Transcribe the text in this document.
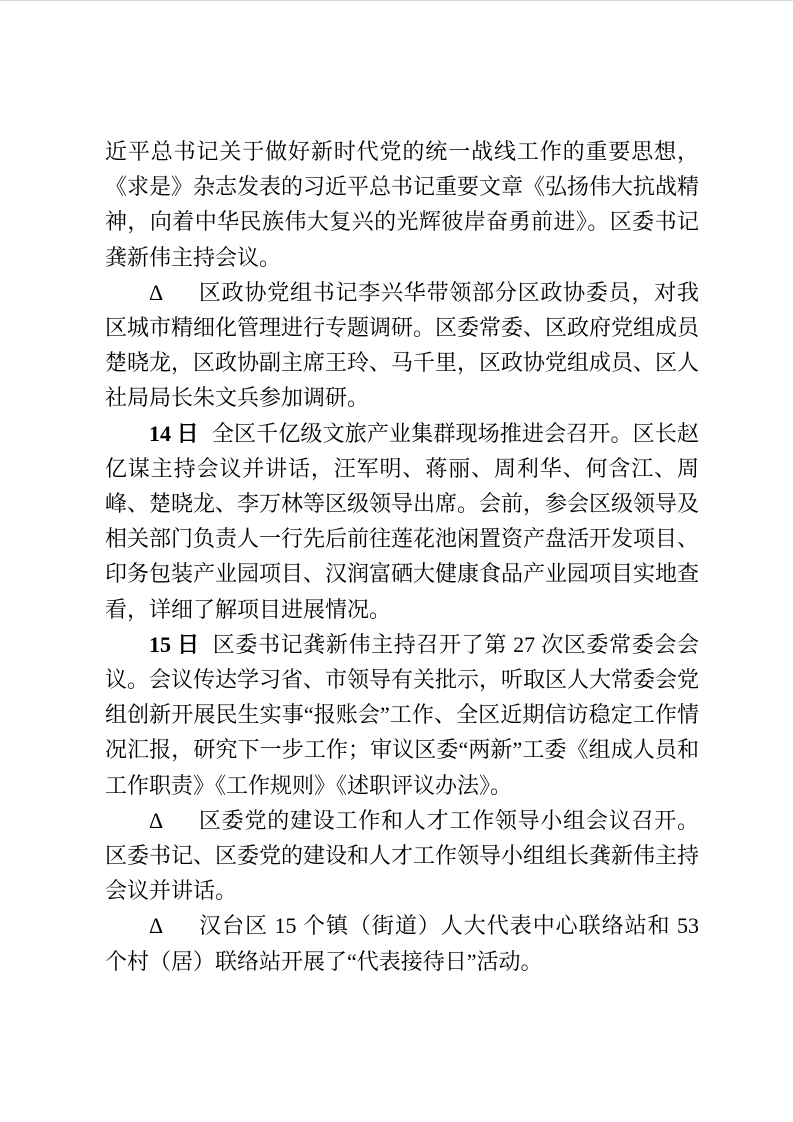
近平总书记关于做好新时代党的统一战线工作的重要思想，《求是》杂志发表的习近平总书记重要文章《弘扬伟大抗战精神，向着中华民族伟大复兴的光辉彼岸奋勇前进》。区委书记龚新伟主持会议。

Δ 区政协党组书记李兴华带领部分区政协委员，对我区城市精细化管理进行专题调研。区委常委、区政府党组成员楚晓龙，区政协副主席王玲、马千里，区政协党组成员、区人社局局长朱文兵参加调研。

14 日 全区千亿级文旅产业集群现场推进会召开。区长赵亿谋主持会议并讲话，汪军明、蒋丽、周利华、何含江、周峰、楚晓龙、李万林等区级领导出席。会前，参会区级领导及相关部门负责人一行先后前往莲花池闲置资产盘活开发项目、印务包装产业园项目、汉润富硒大健康食品产业园项目实地查看，详细了解项目进展情况。

15 日 区委书记龚新伟主持召开了第 27 次区委常委会会议。会议传达学习省、市领导有关批示，听取区人大常委会党组创新开展民生实事“报账会”工作、全区近期信访稳定工作情况汇报，研究下一步工作；审议区委“两新”工委《组成人员和工作职责》《工作规则》《述职评议办法》。

Δ 区委党的建设工作和人才工作领导小组会议召开。区委书记、区委党的建设和人才工作领导小组组长龚新伟主持会议并讲话。

Δ 汉台区 15 个镇（街道）人大代表中心联络站和 53 个村（居）联络站开展了“代表接待日”活动。
